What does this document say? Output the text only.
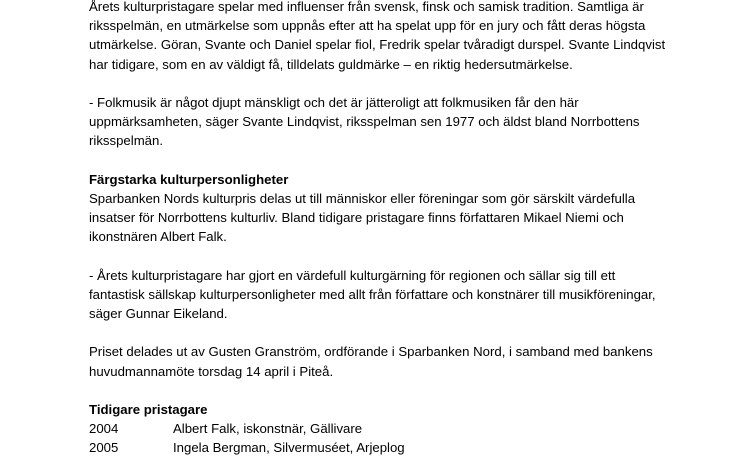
Årets kulturpristagare spelar med influenser från svensk, finsk och samisk tradition. Samtliga är
riksspelmän, en utmärkelse som uppnås efter att ha spelat upp för en jury och fått deras högsta
utmärkelse. Göran, Svante och Daniel spelar fiol, Fredrik spelar tvåradigt durspel. Svante Lindqvist
har tidigare, som en av väldigt få, tilldelats guldmärke – en riktig hedersutmärkelse.
- Folkmusik är något djupt mänskligt och det är jätteroligt att folkmusiken får den här
uppmärksamheten, säger Svante Lindqvist, riksspelman sen 1977 och äldst bland Norrbottens
riksspelmän.
Färgstarka kulturpersonligheter
Sparbanken Nords kulturpris delas ut till människor eller föreningar som gör särskilt värdefulla
insatser för Norrbottens kulturliv. Bland tidigare pristagare finns författaren Mikael Niemi och
ikonstnären Albert Falk.
- Årets kulturpristagare har gjort en värdefull kulturgärning för regionen och sällar sig till ett
fantastisk sällskap kulturpersonligheter med allt från författare och konstnärer till musikföreningar,
säger Gunnar Eikeland.
Priset delades ut av Gusten Granström, ordförande i Sparbanken Nord, i samband med bankens
huvudmannamöte torsdag 14 april i Piteå.
Tidigare pristagare
2004	Albert Falk, iskonstnär, Gällivare
2005	Ingela Bergman, Silvermuséet, Arjeplog
